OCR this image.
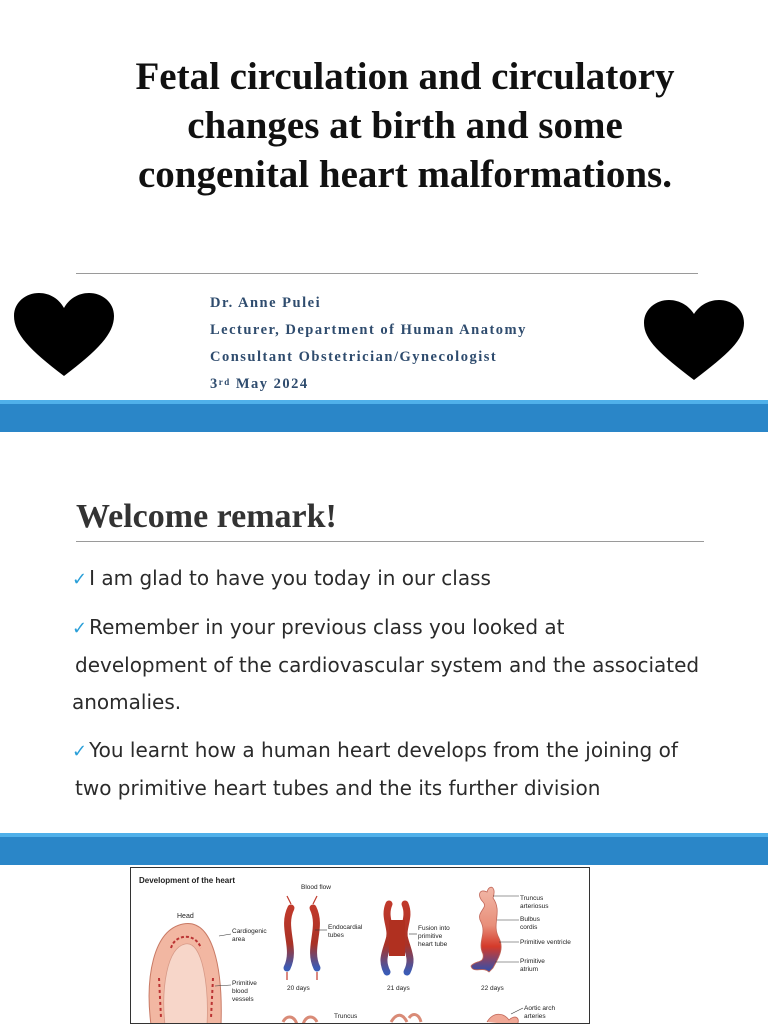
Fetal circulation and circulatory
changes at birth and some
congenital heart malformations.
Dr. Anne Pulei
Lecturer, Department of Human Anatomy
Consultant Obstetrician/Gynecologist
3rd May 2024
Welcome remark!
✓ I am glad to have you today in our class
✓ Remember in your previous class you looked at
development of the cardiovascular system and the associated anomalies.
✓ You learnt how a human heart develops from the joining of
two primitive heart tubes and the its further division
Development of the heart
Head
Cardiogenic
area
Primitive
blood
vessels
Blood flow
Endocardial
tubes
20 days
Fusion into
primitive
heart tube
21 days
Truncus
arteriosus
Bulbus
cordis
Primitive ventricle
Primitive
atrium
22 days
Truncus
Aortic arch
arteries
